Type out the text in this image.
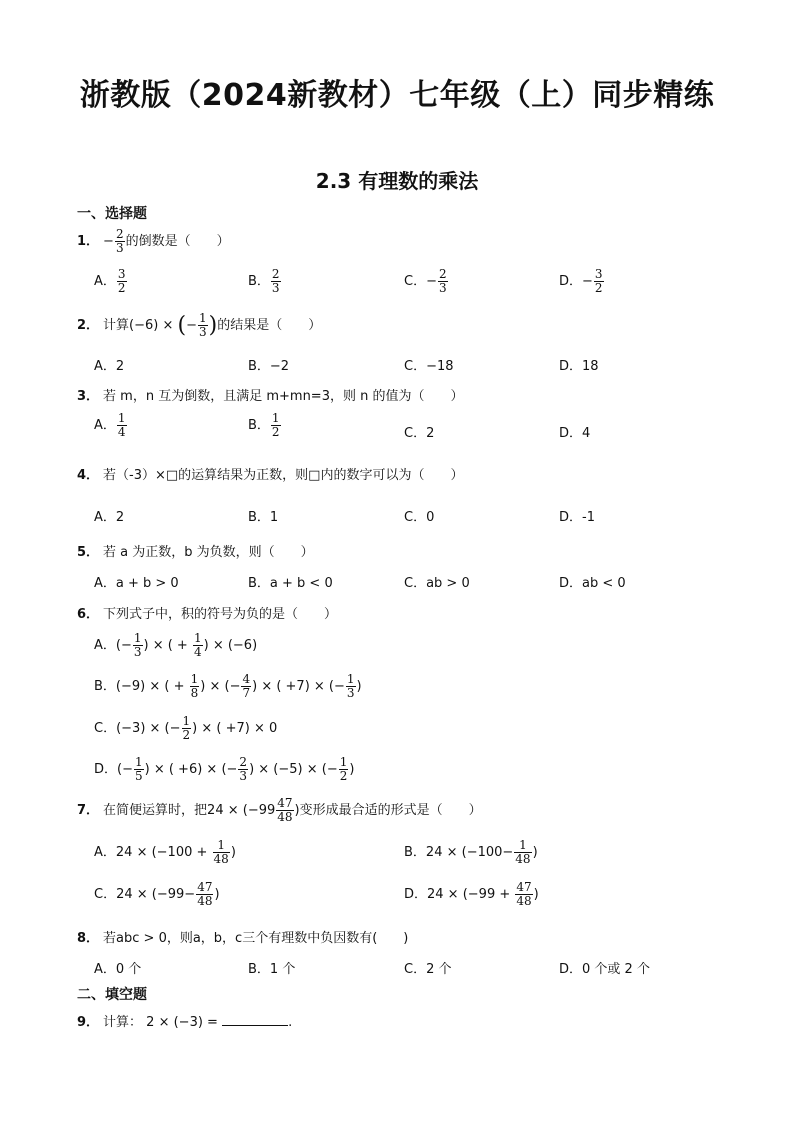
浙教版（2024新教材）七年级（上）同步精练
2.3 有理数的乘法
一、选择题
1． − $\frac{2}{3}$ 的倒数是（　　）
A． $\frac{3}{2}$	B． $\frac{2}{3}$	C．− $\frac{2}{3}$	D．− $\frac{3}{2}$
2． 计算(−6) × (− $\frac{1}{3}$ )的结果是（　　）
A．2	B．−2	C．−18	D．18
3． 若 m，n 互为倒数，且满足 m+mn=3，则 n 的值为（　　）
A． $\frac{1}{4}$	B． $\frac{1}{2}$	C．2	D．4
4． 若（-3）×□的运算结果为正数，则□内的数字可以为（　　）
A．2	B．1	C．0	D．-1
5． 若 a 为正数，b 为负数，则（　　）
A．a + b > 0	B．a + b < 0	C．ab > 0	D．ab < 0
6． 下列式子中，积的符号为负的是（　　）
A．(− $\frac{1}{3}$ ) × ( + $\frac{1}{4}$ ) × (−6)
B．(−9) × ( + $\frac{1}{8}$ ) × (− $\frac{4}{7}$ ) × ( +7) × (− $\frac{1}{3}$ )
C．(−3) × (− $\frac{1}{2}$ ) × ( +7) × 0
D．(− $\frac{1}{5}$ ) × ( +6) × (− $\frac{2}{3}$ ) × (−5) × (− $\frac{1}{2}$ )
7． 在简便运算时，把$24 \times (-99 \frac{47}{48}$ )变形成最合适的形式是（　　）
A．$24 \times (-100 + \frac{1}{48}$ )	B．$24 \times (-100- \frac{1}{48}$ )
C．$24 \times (-99- \frac{47}{48}$ )	D．$24 \times (-99 + \frac{47}{48}$ )
8． 若abc > 0，则a，b，c三个有理数中负因数有(　　)
A．0 个	B．1 个	C．2 个	D．0 个或 2 个
二、填空题
9． 计算： 2 × (−3) =	.
